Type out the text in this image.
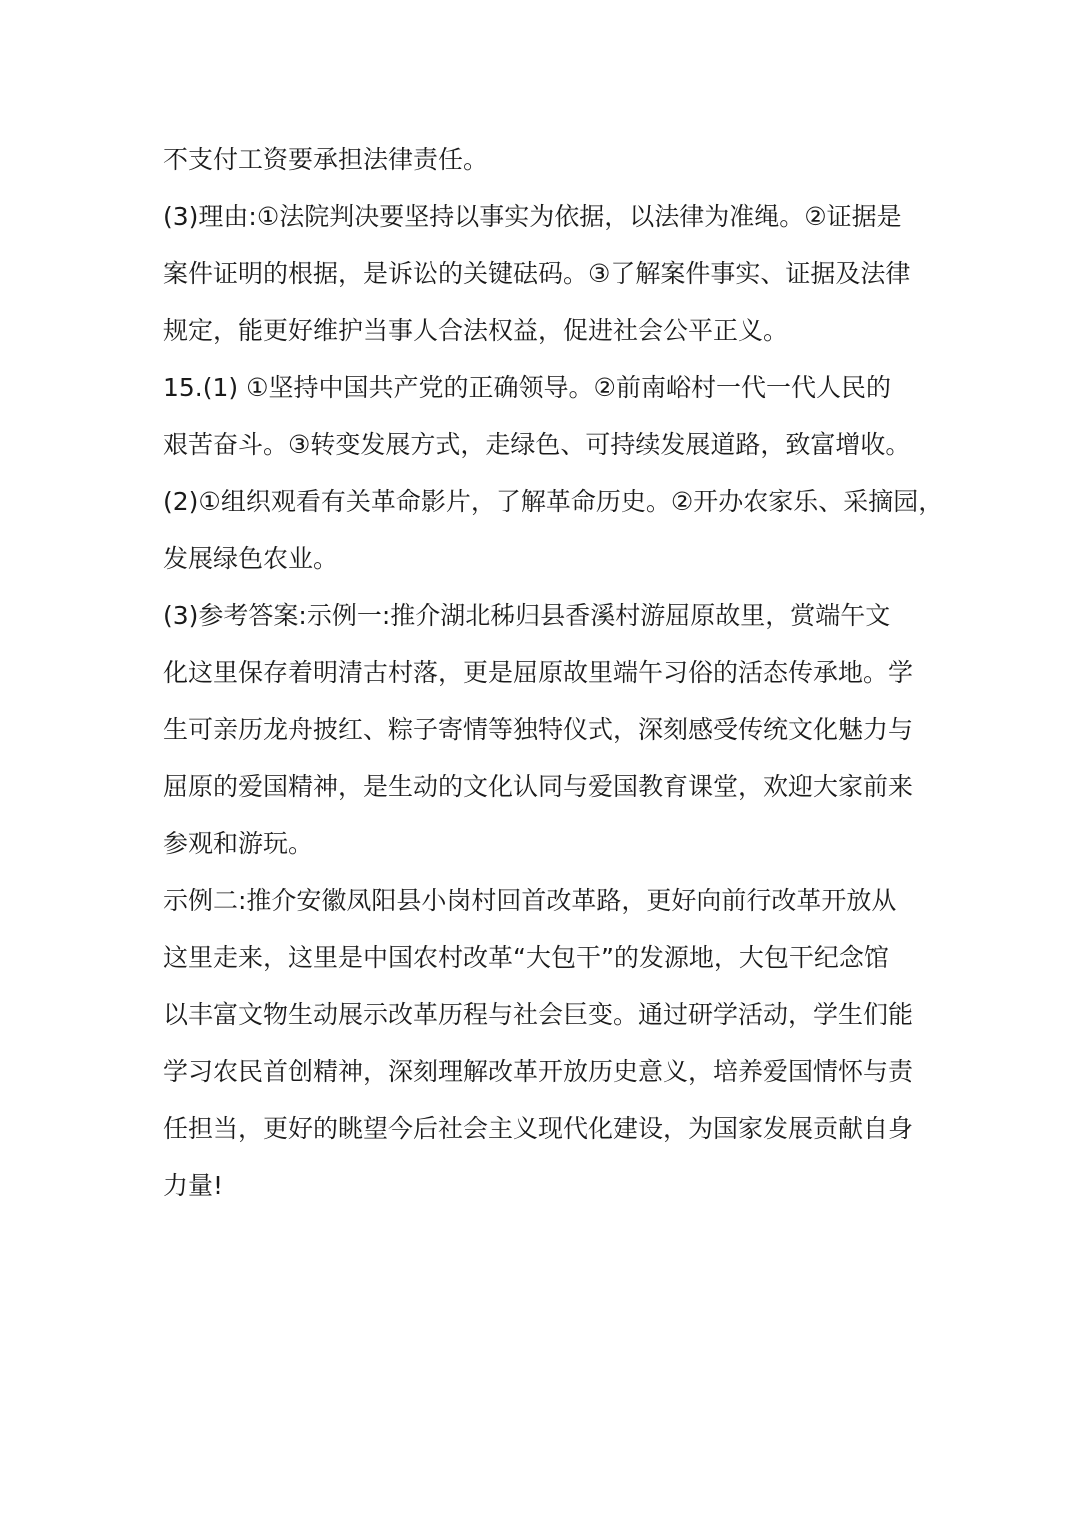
不支付工资要承担法律责任。
(3)理由:①法院判决要坚持以事实为依据，以法律为准绳。②证据是
案件证明的根据，是诉讼的关键砝码。③了解案件事实、证据及法律
规定，能更好维护当事人合法权益，促进社会公平正义。
15.(1) ①坚持中国共产党的正确领导。②前南峪村一代一代人民的
艰苦奋斗。③转变发展方式，走绿色、可持续发展道路，致富增收。
(2)①组织观看有关革命影片，了解革命历史。②开办农家乐、采摘园，
发展绿色农业。
(3)参考答案:示例一:推介湖北秭归县香溪村游屈原故里，赏端午文
化这里保存着明清古村落，更是屈原故里端午习俗的活态传承地。学
生可亲历龙舟披红、粽子寄情等独特仪式，深刻感受传统文化魅力与
屈原的爱国精神，是生动的文化认同与爱国教育课堂，欢迎大家前来
参观和游玩。
示例二:推介安徽凤阳县小岗村回首改革路，更好向前行改革开放从
这里走来，这里是中国农村改革“大包干”的发源地，大包干纪念馆
以丰富文物生动展示改革历程与社会巨变。通过研学活动，学生们能
学习农民首创精神，深刻理解改革开放历史意义，培养爱国情怀与责
任担当，更好的眺望今后社会主义现代化建设，为国家发展贡献自身
力量!
